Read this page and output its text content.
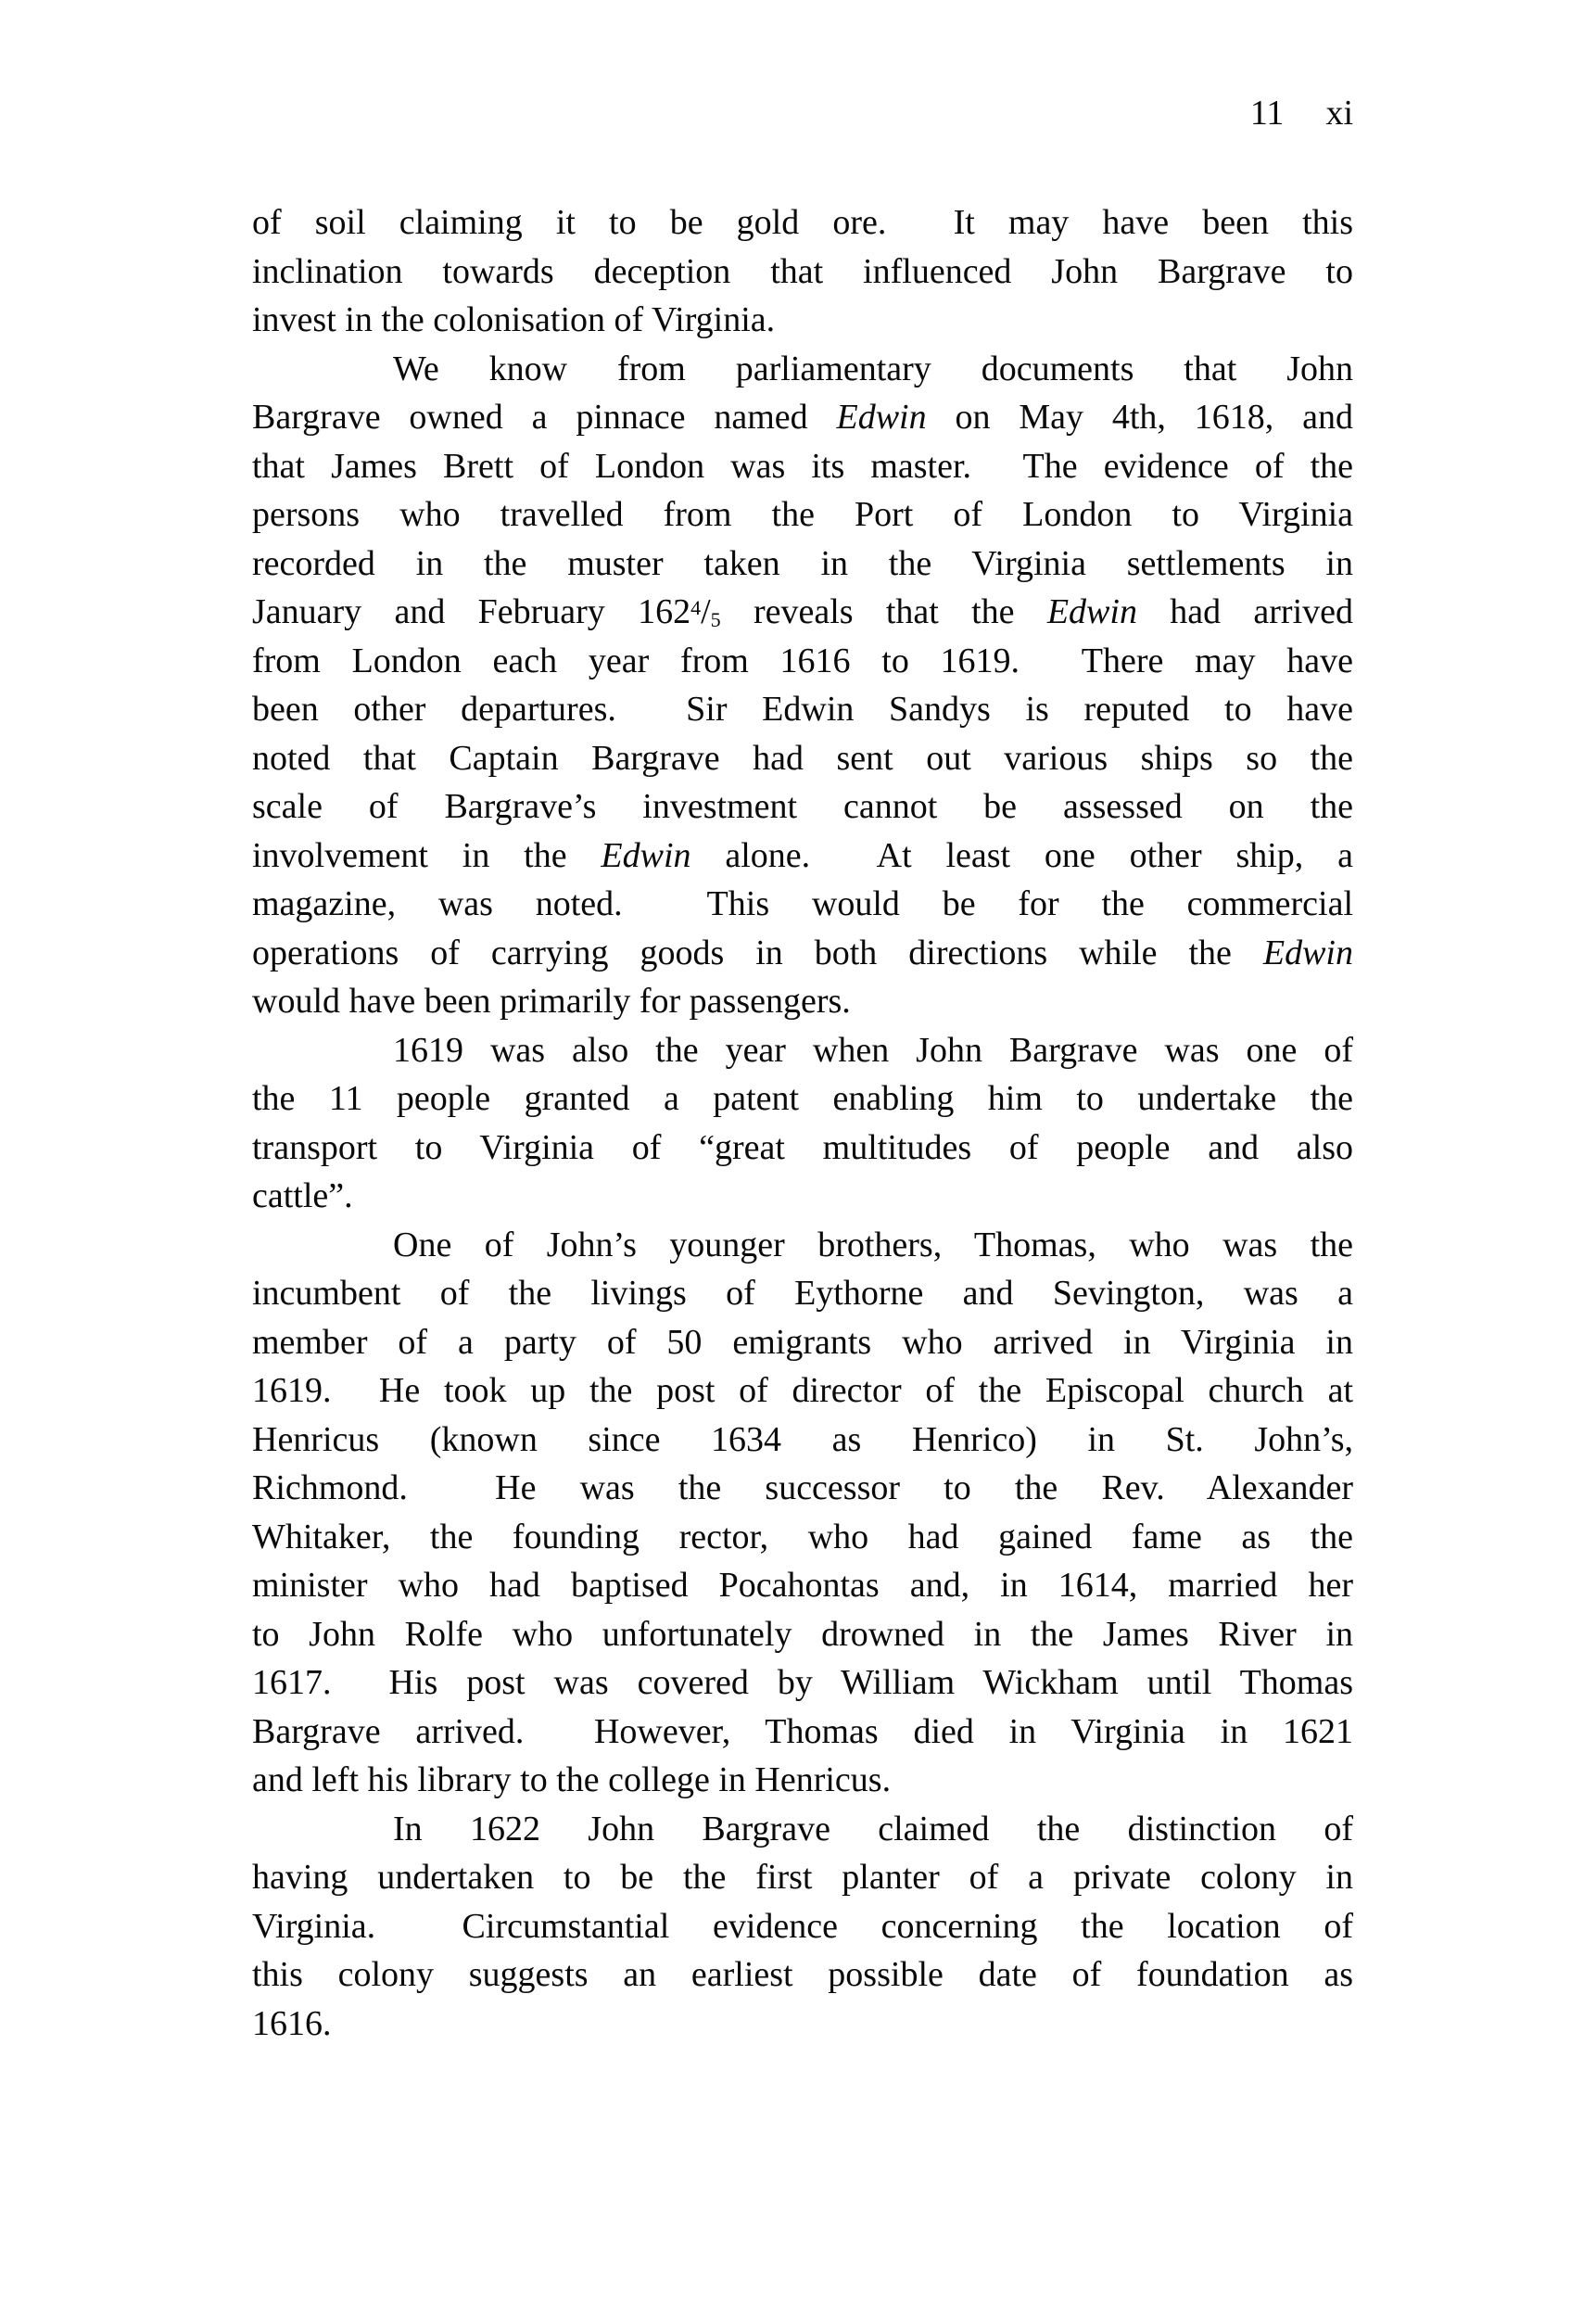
11 xi
of soil claiming it to be gold ore.  It may have been this
inclination towards deception that influenced John Bargrave to
invest in the colonisation of Virginia.
We know from parliamentary documents that John
Bargrave owned a pinnace named Edwin on May 4th, 1618, and
that James Brett of London was its master.  The evidence of the
persons who travelled from the Port of London to Virginia
recorded in the muster taken in the Virginia settlements in
January and February $162^4/5$ reveals that the Edwin had arrived
from London each year from 1616 to 1619.  There may have
been other departures.  Sir Edwin Sandys is reputed to have
noted that Captain Bargrave had sent out various ships so the
scale of Bargrave’s investment cannot be assessed on the
involvement in the Edwin alone.  At least one other ship, a
magazine, was noted.  This would be for the commercial
operations of carrying goods in both directions while the Edwin
would have been primarily for passengers.
1619 was also the year when John Bargrave was one of
the 11 people granted a patent enabling him to undertake the
transport to Virginia of “great multitudes of people and also
cattle”.
One of John’s younger brothers, Thomas, who was the
incumbent of the livings of Eythorne and Sevington, was a
member of a party of 50 emigrants who arrived in Virginia in
1619.  He took up the post of director of the Episcopal church at
Henricus (known since 1634 as Henrico) in St. John’s,
Richmond.  He was the successor to the Rev. Alexander
Whitaker, the founding rector, who had gained fame as the
minister who had baptised Pocahontas and, in 1614, married her
to John Rolfe who unfortunately drowned in the James River in
1617.  His post was covered by William Wickham until Thomas
Bargrave arrived.  However, Thomas died in Virginia in 1621
and left his library to the college in Henricus.
In 1622 John Bargrave claimed the distinction of
having undertaken to be the first planter of a private colony in
Virginia.  Circumstantial evidence concerning the location of
this colony suggests an earliest possible date of foundation as
1616.
